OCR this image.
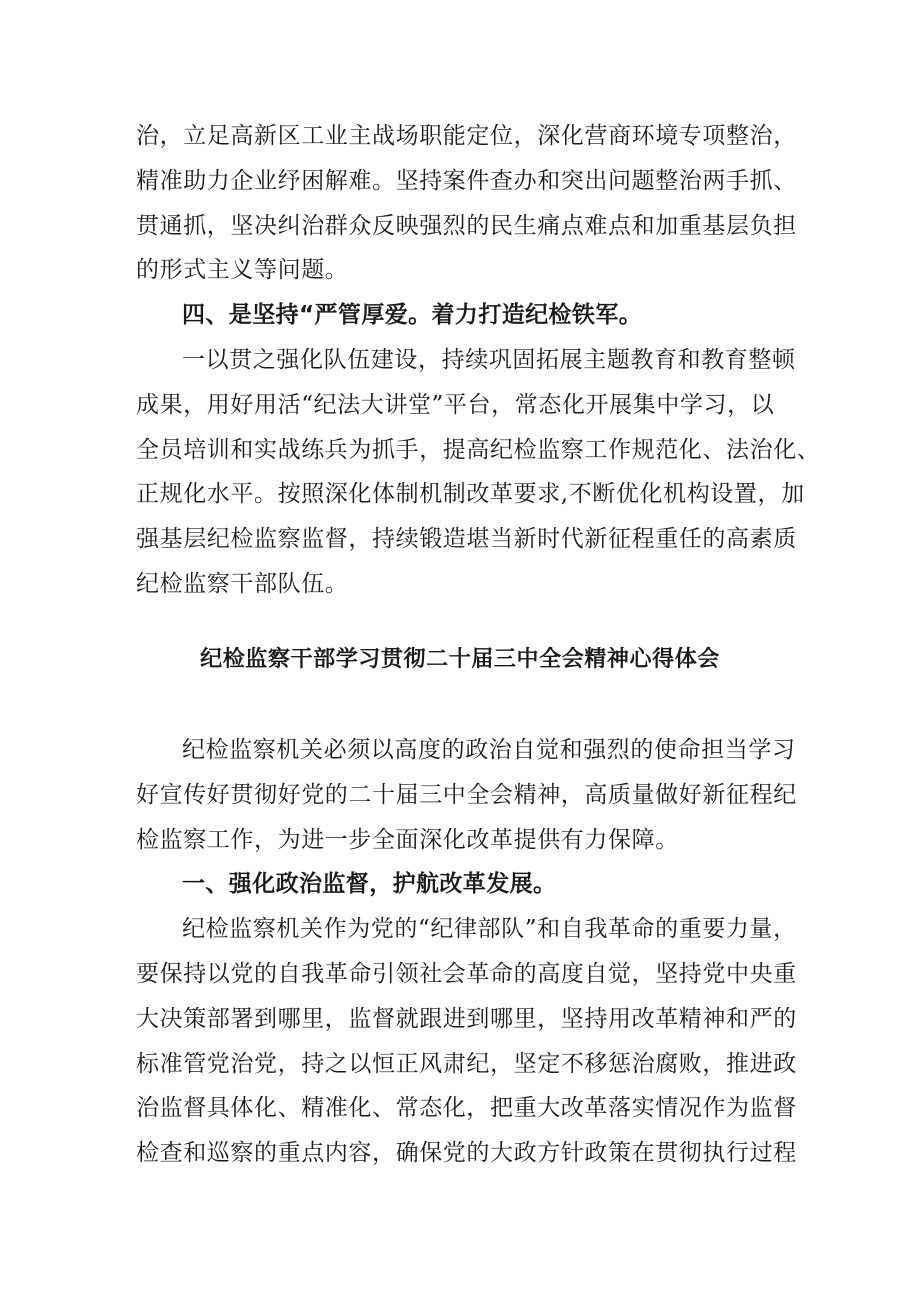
治，立足高新区工业主战场职能定位，深化营商环境专项整治，
精准助力企业纾困解难。坚持案件查办和突出问题整治两手抓、
贯通抓，坚决纠治群众反映强烈的民生痛点难点和加重基层负担
的形式主义等问题。
四、是坚持“严管厚爱。着力打造纪检铁军。
一以贯之强化队伍建设，持续巩固拓展主题教育和教育整顿
成果，用好用活“纪法大讲堂”平台，常态化开展集中学习，以
全员培训和实战练兵为抓手，提高纪检监察工作规范化、法治化、
正规化水平。按照深化体制机制改革要求,不断优化机构设置，加
强基层纪检监察监督，持续锻造堪当新时代新征程重任的高素质
纪检监察干部队伍。
纪检监察干部学习贯彻二十届三中全会精神心得体会
纪检监察机关必须以高度的政治自觉和强烈的使命担当学习
好宣传好贯彻好党的二十届三中全会精神，高质量做好新征程纪
检监察工作，为进一步全面深化改革提供有力保障。
一、强化政治监督，护航改革发展。
纪检监察机关作为党的“纪律部队”和自我革命的重要力量，
要保持以党的自我革命引领社会革命的高度自觉，坚持党中央重
大决策部署到哪里，监督就跟进到哪里，坚持用改革精神和严的
标准管党治党，持之以恒正风肃纪，坚定不移惩治腐败，推进政
治监督具体化、精准化、常态化，把重大改革落实情况作为监督
检查和巡察的重点内容，确保党的大政方针政策在贯彻执行过程
